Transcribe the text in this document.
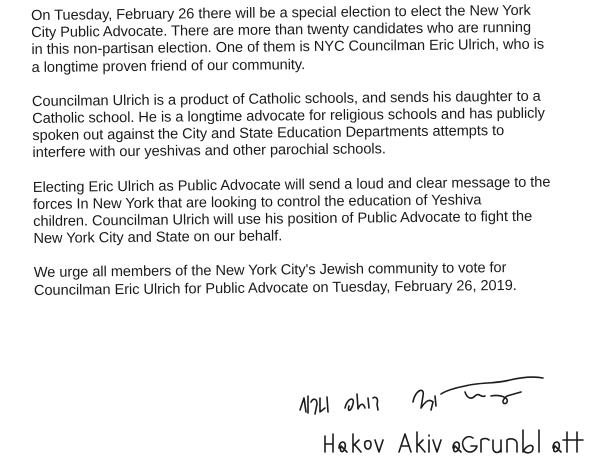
On Tuesday, February 26 there will be a special election to elect the New York
City Public Advocate. There are more than twenty candidates who are running
in this non-partisan election. One of them is NYC Councilman Eric Ulrich, who is
a longtime proven friend of our community.

Councilman Ulrich is a product of Catholic schools, and sends his daughter to a
Catholic school. He is a longtime advocate for religious schools and has publicly
spoken out against the City and State Education Departments attempts to
interfere with our yeshivas and other parochial schools.

Electing Eric Ulrich as Public Advocate will send a loud and clear message to the
forces In New York that are looking to control the education of Yeshiva
children. Councilman Ulrich will use his position of Public Advocate to fight the
New York City and State on our behalf.

We urge all members of the New York City's Jewish community to vote for
Councilman Eric Ulrich for Public Advocate on Tuesday, February 26, 2019.
